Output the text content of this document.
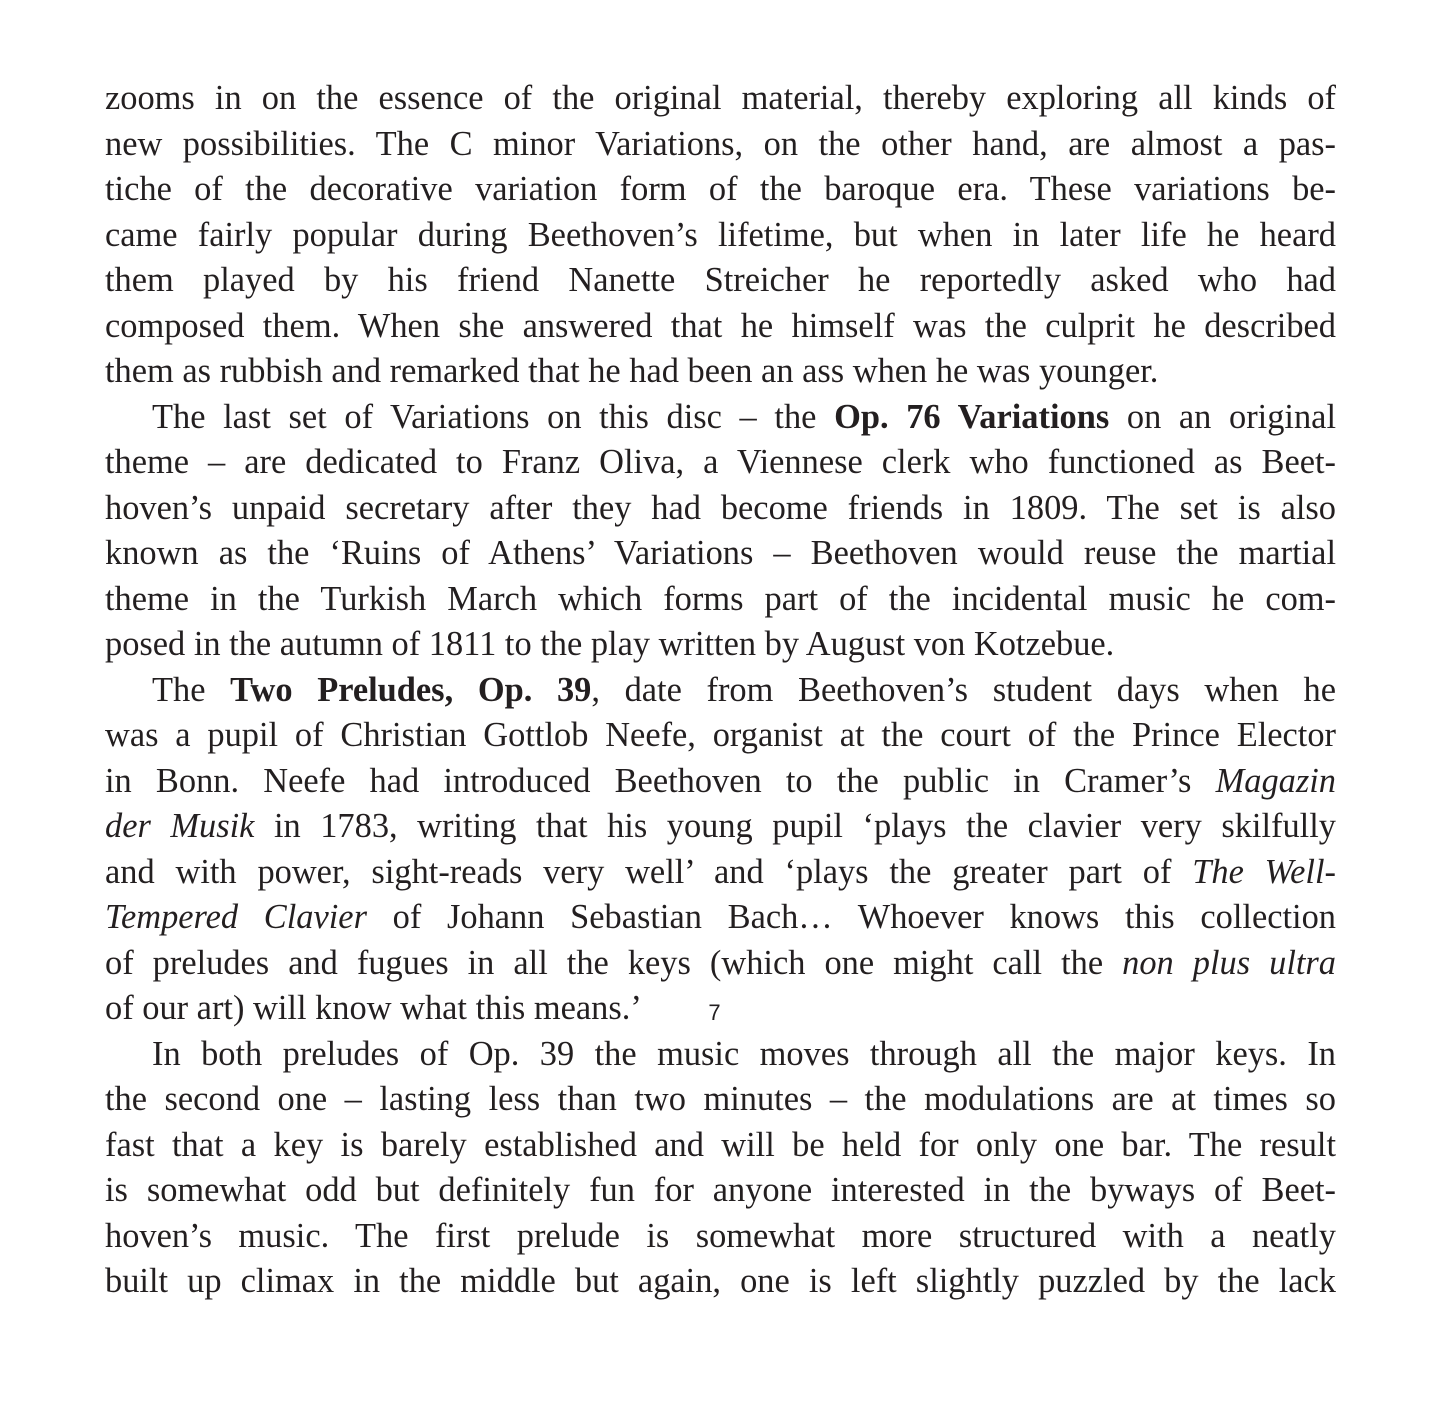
zooms in on the essence of the original material, thereby exploring all kinds of
new possibilities. The C minor Variations, on the other hand, are almost a pas-
tiche of the decorative variation form of the baroque era. These variations be-
came fairly popular during Beethoven’s lifetime, but when in later life he heard
them played by his friend Nanette Streicher he reportedly asked who had
composed them. When she answered that he himself was the culprit he described
them as rubbish and remarked that he had been an ass when he was younger.
The last set of Variations on this disc – the Op. 76 Variations on an original
theme – are dedicated to Franz Oliva, a Viennese clerk who functioned as Beet-
hoven’s unpaid secretary after they had become friends in 1809. The set is also
known as the ‘Ruins of Athens’ Variations – Beethoven would reuse the martial
theme in the Turkish March which forms part of the incidental music he com-
posed in the autumn of 1811 to the play written by August von Kotzebue.
The Two Preludes, Op. 39, date from Beethoven’s student days when he
was a pupil of Christian Gottlob Neefe, organist at the court of the Prince Elector
in Bonn. Neefe had introduced Beethoven to the public in Cramer’s Magazin
der Musik in 1783, writing that his young pupil ‘plays the clavier very skilfully
and with power, sight-reads very well’ and ‘plays the greater part of The Well-
Tempered Clavier of Johann Sebastian Bach… Whoever knows this collection
of preludes and fugues in all the keys (which one might call the non plus ultra
of our art) will know what this means.’
In both preludes of Op. 39 the music moves through all the major keys. In
the second one – lasting less than two minutes – the modulations are at times so
fast that a key is barely established and will be held for only one bar. The result
is somewhat odd but definitely fun for anyone interested in the byways of Beet-
hoven’s music. The first prelude is somewhat more structured with a neatly
built up climax in the middle but again, one is left slightly puzzled by the lack
7
